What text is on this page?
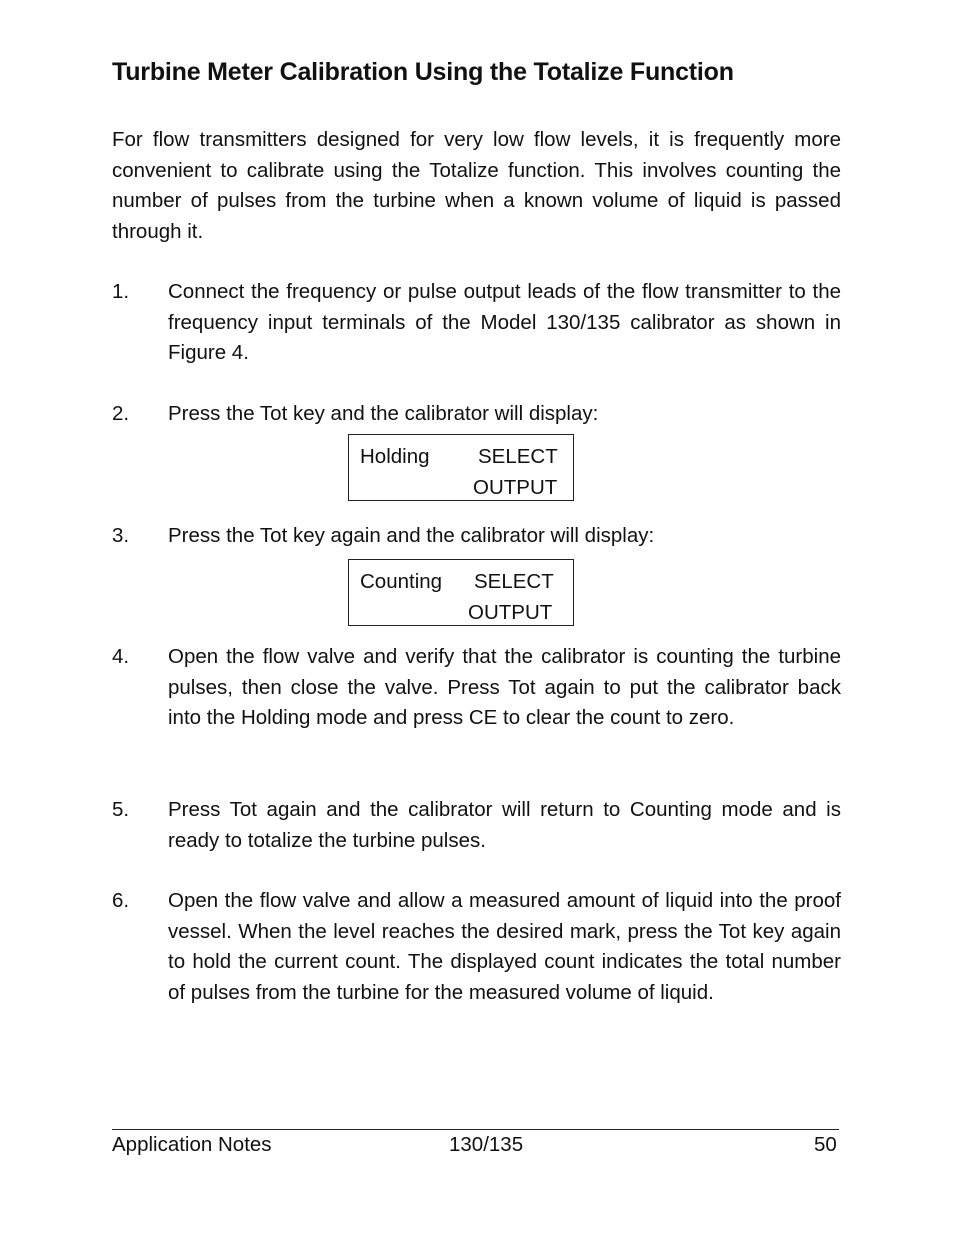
Turbine Meter Calibration Using the Totalize Function

For flow transmitters designed for very low flow levels, it is frequently more convenient to calibrate using the Totalize function. This involves counting the number of pulses from the turbine when a known volume of liquid is passed through it.

1. Connect the frequency or pulse output leads of the flow transmitter to the frequency input terminals of the Model 130/135 calibrator as shown in Figure 4.
2. Press the Tot key and the calibrator will display:
Holding SELECT
OUTPUT
3. Press the Tot key again and the calibrator will display:
Counting SELECT
OUTPUT
4. Open the flow valve and verify that the calibrator is counting the turbine pulses, then close the valve. Press Tot again to put the calibrator back into the Holding mode and press CE to clear the count to zero.
5. Press Tot again and the calibrator will return to Counting mode and is ready to totalize the turbine pulses.
6. Open the flow valve and allow a measured amount of liquid into the proof vessel. When the level reaches the desired mark, press the Tot key again to hold the current count. The displayed count indicates the total number of pulses from the turbine for the measured volume of liquid.
Application Notes	130/135	50
